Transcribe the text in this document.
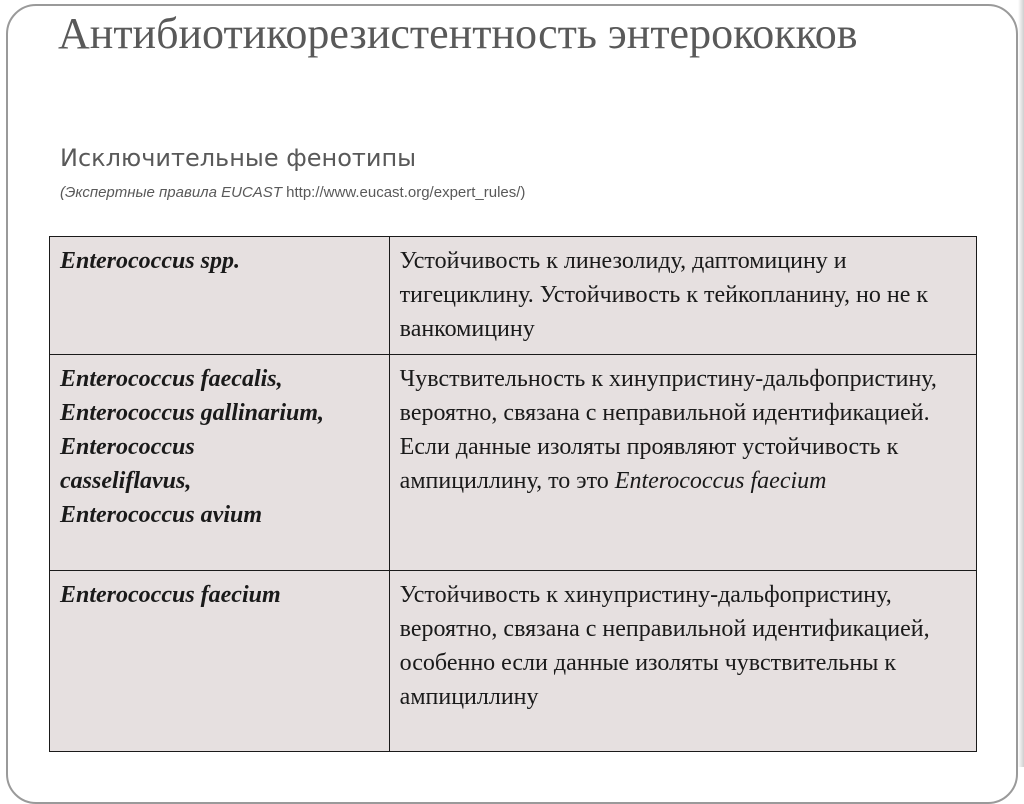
Антибиотикорезистентность энтерококков
Исключительные фенотипы
(Экспертные правила EUCAST http://www.eucast.org/expert_rules/)
Enterococcus spp.	Устойчивость к линезолиду, даптомицину и тигециклину. Устойчивость к тейкопланину, но не к ванкомицину

Enterococcus faecalis,
Enterococcus gallinarium,
Enterococcus
casseliflavus,
Enterococcus avium	Чувствительность к хинупристину-дальфопристину, вероятно, связана с неправильной идентификацией. Если данные изоляты проявляют устойчивость к ампициллину, то это Enterococcus faecium

Enterococcus faecium	Устойчивость к хинупристину-дальфопристину, вероятно, связана с неправильной идентификацией, особенно если данные изоляты чувствительны к ампициллину
